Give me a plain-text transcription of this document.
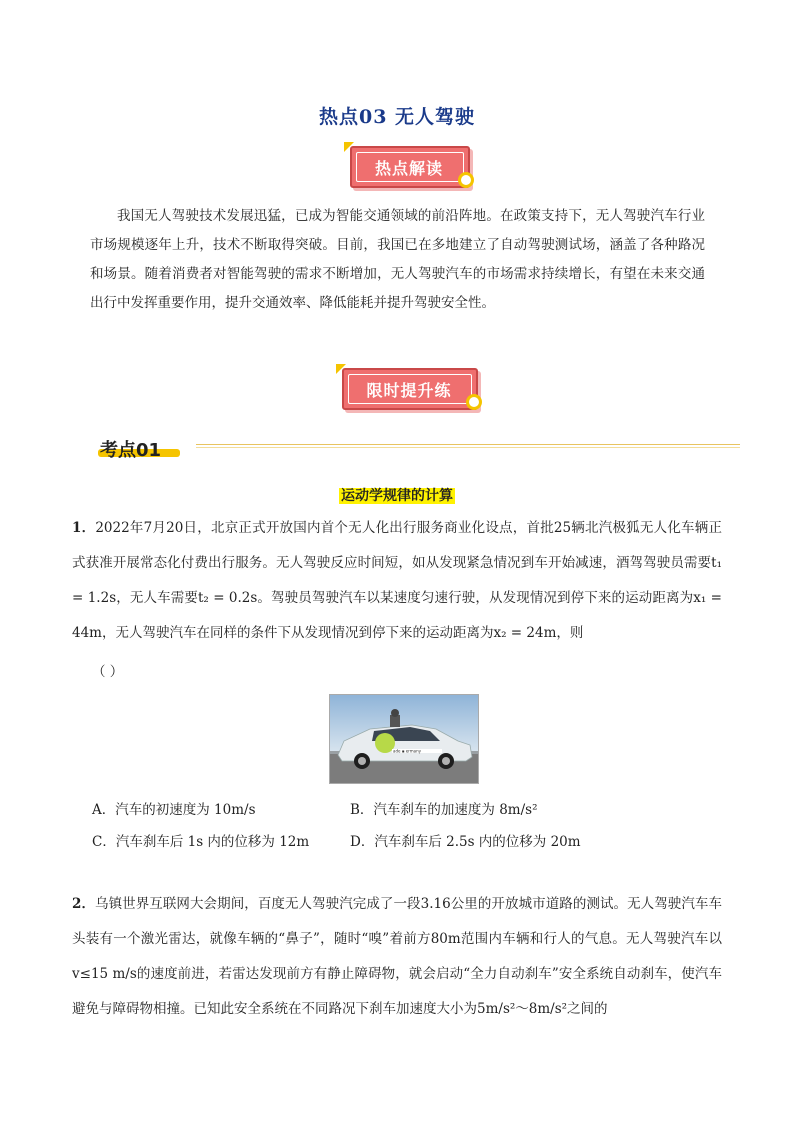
热点03 无人驾驶
热点解读
我国无人驾驶技术发展迅猛，已成为智能交通领域的前沿阵地。在政策支持下，无人驾驶汽车行业市场规模逐年上升，技术不断取得突破。目前，我国已在多地建立了自动驾驶测试场，涵盖了各种路况和场景。随着消费者对智能驾驶的需求不断增加，无人驾驶汽车的市场需求持续增长，有望在未来交通出行中发挥重要作用，提升交通效率、降低能耗并提升驾驶安全性。
限时提升练
考点01
运动学规律的计算
1．2022年7月20日，北京正式开放国内首个无人化出行服务商业化设点，首批25辆北汽极狐无人化车辆正式获准开展常态化付费出行服务。无人驾驶反应时间短，如从发现紧急情况到车开始减速，酒驾驾驶员需要t₁ = 1.2s，无人车需要t₂ = 0.2s。驾驶员驾驶汽车以某速度匀速行驶，从发现情况到停下来的运动距离为x₁ = 44m，无人驾驶汽车在同样的条件下从发现情况到停下来的运动距离为x₂ = 24m，则
（ ）
ade ▪ ermany
A．汽车的初速度为 10m/s	B．汽车刹车的加速度为 8m/s²
C．汽车刹车后 1s 内的位移为 12m	D．汽车刹车后 2.5s 内的位移为 20m
2．乌镇世界互联网大会期间，百度无人驾驶汽完成了一段3.16公里的开放城市道路的测试。无人驾驶汽车车头装有一个激光雷达，就像车辆的“鼻子”，随时“嗅”着前方80m范围内车辆和行人的气息。无人驾驶汽车以v≤15 m/s的速度前进，若雷达发现前方有静止障碍物，就会启动“全力自动刹车”安全系统自动刹车，使汽车避免与障碍物相撞。已知此安全系统在不同路况下刹车加速度大小为5m/s²～8m/s²之间的
